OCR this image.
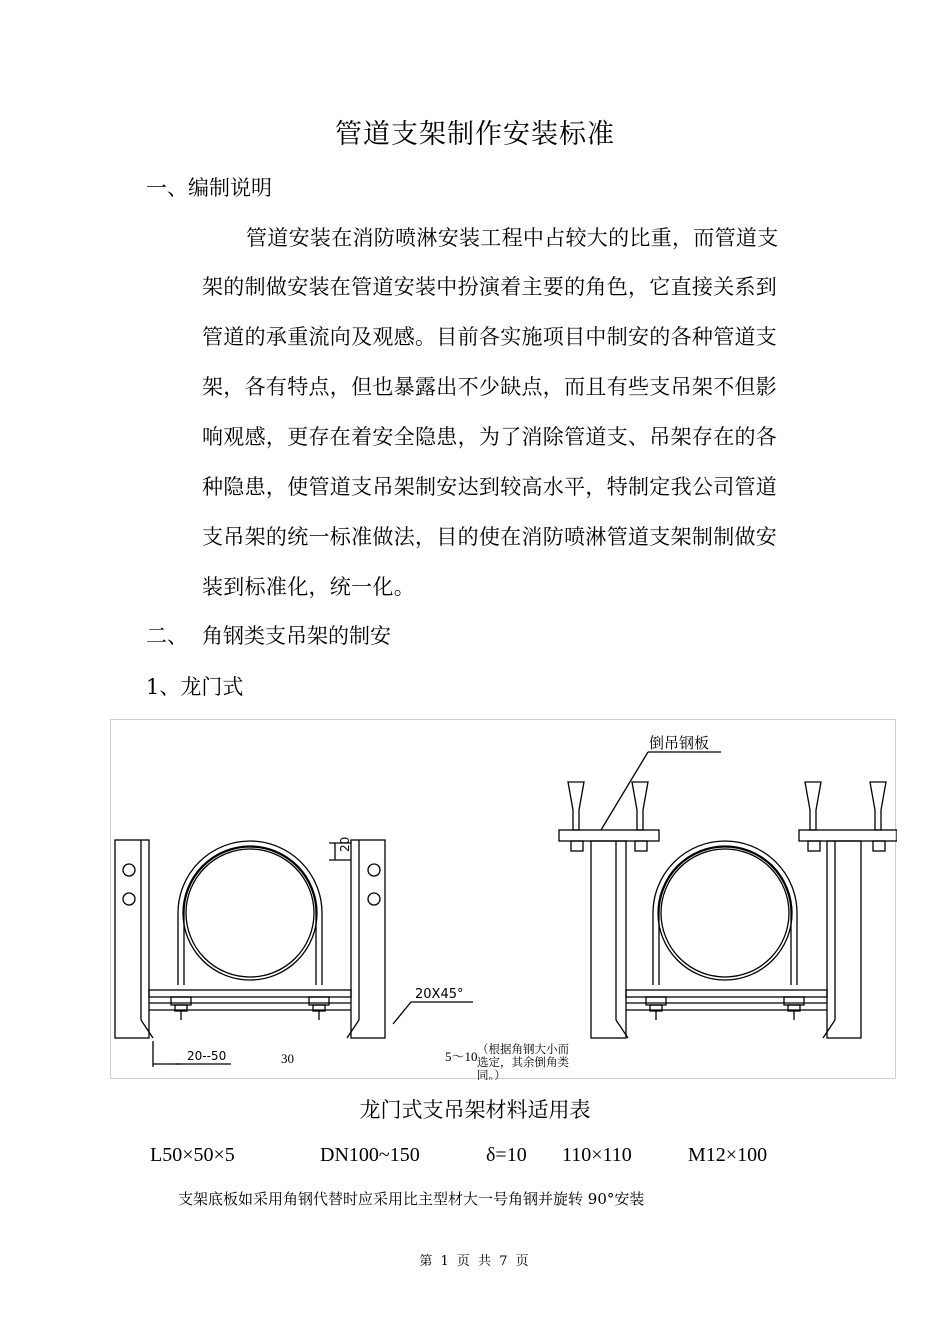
管道支架制作安装标准
一、编制说明
管道安装在消防喷淋安装工程中占较大的比重，而管道支
架的制做安装在管道安装中扮演着主要的角色，它直接关系到
管道的承重流向及观感。目前各实施项目中制安的各种管道支
架，各有特点，但也暴露出不少缺点，而且有些支吊架不但影
响观感，更存在着安全隐患，为了消除管道支、吊架存在的各
种隐患，使管道支吊架制安达到较高水平，特制定我公司管道
支吊架的统一标准做法，目的使在消防喷淋管道支架制制做安
装到标准化，统一化。
二、 角钢类支吊架的制安
1、龙门式
20
20X45°
20--50	30	5～10 （根据角钢大小而
选定，其余倒角类
同。）
倒吊钢板
龙门式支吊架材料适用表
L50×50×5	DN100~150	δ=10 110×110	M12×100
支架底板如采用角钢代替时应采用比主型材大一号角钢并旋转 90°安装
第 1 页 共 7 页
